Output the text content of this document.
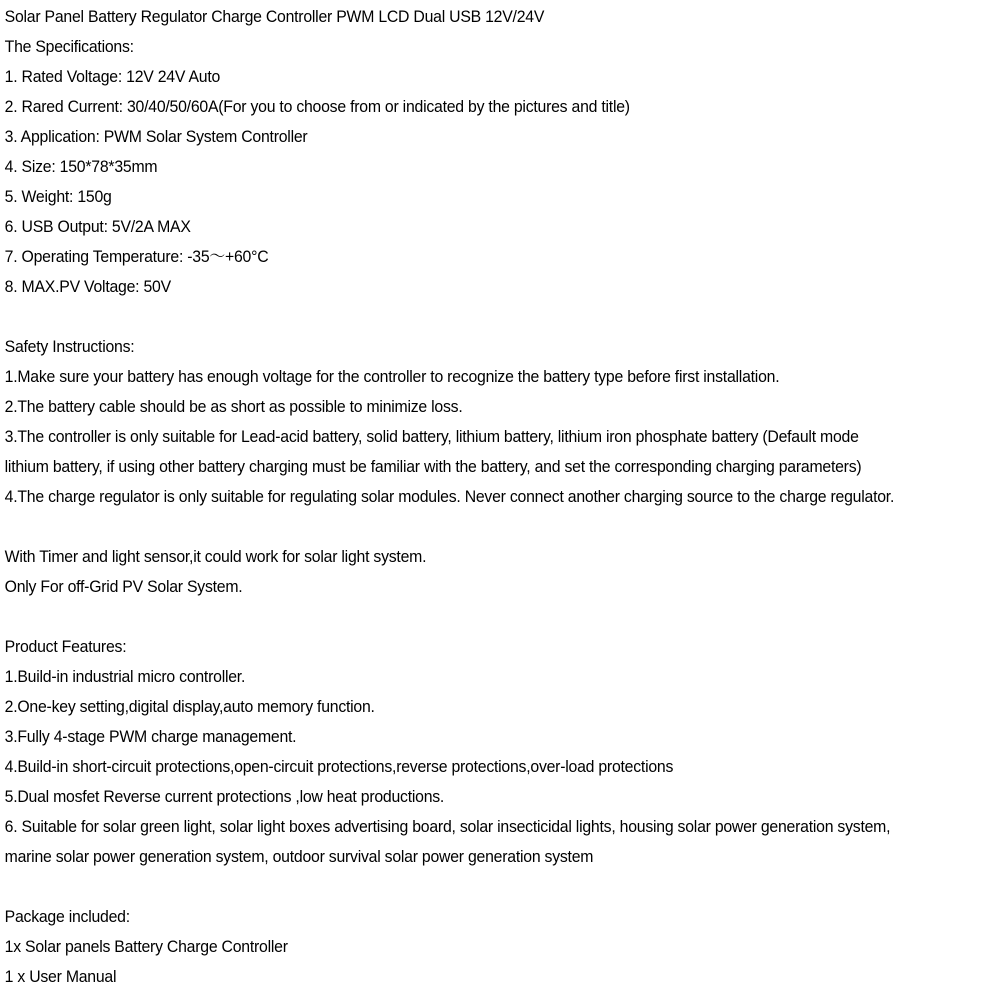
Solar Panel Battery Regulator Charge Controller PWM LCD Dual USB 12V/24V
The Specifications:
1. Rated Voltage: 12V 24V Auto
2. Rared Current: 30/40/50/60A(For you to choose from or indicated by the pictures and title)
3. Application: PWM Solar System Controller
4. Size: 150*78*35mm
5. Weight: 150g
6. USB Output: 5V/2A MAX
7. Operating Temperature: -35～+60°C
8. MAX.PV Voltage: 50V
Safety Instructions:
1.Make sure your battery has enough voltage for the controller to recognize the battery type before first installation.
2.The battery cable should be as short as possible to minimize loss.
3.The controller is only suitable for Lead-acid battery, solid battery, lithium battery, lithium iron phosphate battery (Default mode
lithium battery, if using other battery charging must be familiar with the battery, and set the corresponding charging parameters)
4.The charge regulator is only suitable for regulating solar modules. Never connect another charging source to the charge regulator.
With Timer and light sensor,it could work for solar light system.
Only For off-Grid PV Solar System.
Product Features:
1.Build-in industrial micro controller.
2.One-key setting,digital display,auto memory function.
3.Fully 4-stage PWM charge management.
4.Build-in short-circuit protections,open-circuit protections,reverse protections,over-load protections
5.Dual mosfet Reverse current protections ,low heat productions.
6. Suitable for solar green light, solar light boxes advertising board, solar insecticidal lights, housing solar power generation system,
marine solar power generation system, outdoor survival solar power generation system
Package included:
1x Solar panels Battery Charge Controller
1 x User Manual
